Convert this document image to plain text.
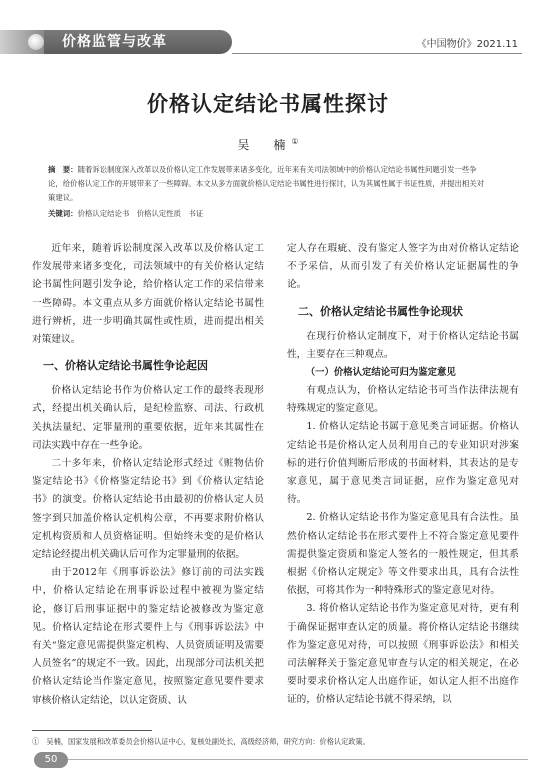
价格监管与改革	《中国物价》2021.11
价格认定结论书属性探讨
吴　楠①
摘　要：随着诉讼制度深入改革以及价格认定工作发展带来诸多变化，近年来有关司法领域中的价格认定结论书属性问题引发一些争论，给价格认定工作的开展带来了一些障碍。本文从多方面就价格认定结论书属性进行探讨，认为其属性属于书证性质，并提出相关对策建议。
关键词：价格认定结论书　价格认定性质　书证

近年来，随着诉讼制度深入改革以及价格认定工作发展带来诸多变化，司法领域中的有关价格认定结论书属性问题引发争论，给价格认定工作的采信带来一些障碍。本文重点从多方面就价格认定结论书属性进行辨析，进一步明确其属性或性质，进而提出相关对策建议。

一、价格认定结论书属性争论起因

价格认定结论书作为价格认定工作的最终表现形式，经提出机关确认后，是纪检监察、司法、行政机关执法量纪、定罪量刑的重要依据，近年来其属性在司法实践中存在一些争论。

二十多年来，价格认定结论形式经过《赃物估价鉴定结论书》《价格鉴定结论书》到《价格认定结论书》的演变。价格认定结论书由最初的价格认定人员签字到只加盖价格认定机构公章，不再要求附价格认定机构资质和人员资格证明。但始终未变的是价格认定结论经提出机关确认后可作为定罪量刑的依据。

由于2012年《刑事诉讼法》修订前的司法实践中，价格认定结论在刑事诉讼过程中被视为鉴定结论，修订后刑事证据中的鉴定结论被修改为鉴定意见。价格认定结论在形式要件上与《刑事诉讼法》中有关“鉴定意见需提供鉴定机构、人员资质证明及需要人员签名”的规定不一致。因此，出现部分司法机关把价格认定结论当作鉴定意见，按照鉴定意见要件要求审核价格认定结论，以认定资质、认

定人存在瑕疵、没有鉴定人签字为由对价格认定结论不予采信，从而引发了有关价格认定证据属性的争论。

二、价格认定结论书属性争论现状

在现行价格认定制度下，对于价格认定结论书属性，主要存在三种观点。

（一）价格认定结论可归为鉴定意见

有观点认为，价格认定结论书可当作法律法规有特殊规定的鉴定意见。

1. 价格认定结论书属于意见类言词证据。价格认定结论书是价格认定人员利用自己的专业知识对涉案标的进行价值判断后形成的书面材料，其表达的是专家意见，属于意见类言词证据，应作为鉴定意见对待。

2. 价格认定结论书作为鉴定意见具有合法性。虽然价格认定结论书在形式要件上不符合鉴定意见要件需提供鉴定资质和鉴定人签名的一般性规定，但其系根据《价格认定规定》等文件要求出具，具有合法性依据，可将其作为一种特殊形式的鉴定意见对待。

3. 将价格认定结论书作为鉴定意见对待，更有利于确保证据审查认定的质量。将价格认定结论书继续作为鉴定意见对待，可以按照《刑事诉讼法》和相关司法解释关于鉴定意见审查与认定的相关规定，在必要时要求价格认定人出庭作证，如认定人拒不出庭作证的，价格认定结论书就不得采纳，以

①　吴楠，国家发展和改革委员会价格认证中心，复核处副处长，高级经济师，研究方向：价格认定政策。
50
